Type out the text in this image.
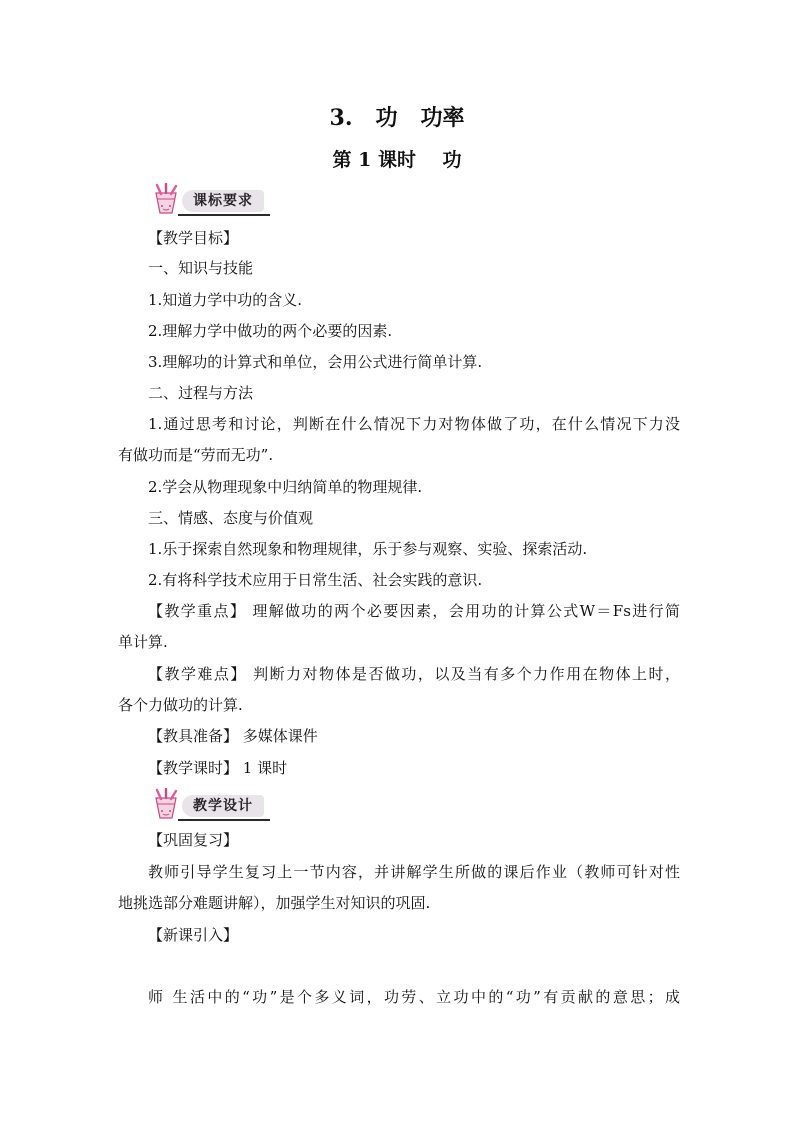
3.   功   功率
第 1 课时    功
课标要求
【教学目标】
一、知识与技能
1.知道力学中功的含义.
2.理解力学中做功的两个必要的因素.
3.理解功的计算式和单位，会用公式进行简单计算.
二、过程与方法
1.通过思考和讨论，判断在什么情况下力对物体做了功，在什么情况下力没
有做功而是“劳而无功”.
2.学会从物理现象中归纳简单的物理规律.
三、情感、态度与价值观
1.乐于探索自然现象和物理规律，乐于参与观察、实验、探索活动.
2.有将科学技术应用于日常生活、社会实践的意识.
【教学重点】 理解做功的两个必要因素，会用功的计算公式W＝Fs进行简
单计算.
【教学难点】 判断力对物体是否做功，以及当有多个力作用在物体上时，
各个力做功的计算.
【教具准备】 多媒体课件
【教学课时】 1 课时
教学设计
【巩固复习】
教师引导学生复习上一节内容，并讲解学生所做的课后作业（教师可针对性
地挑选部分难题讲解），加强学生对知识的巩固.
【新课引入】
师 生活中的“功”是个多义词，功劳、立功中的“功”有贡献的意思；成
